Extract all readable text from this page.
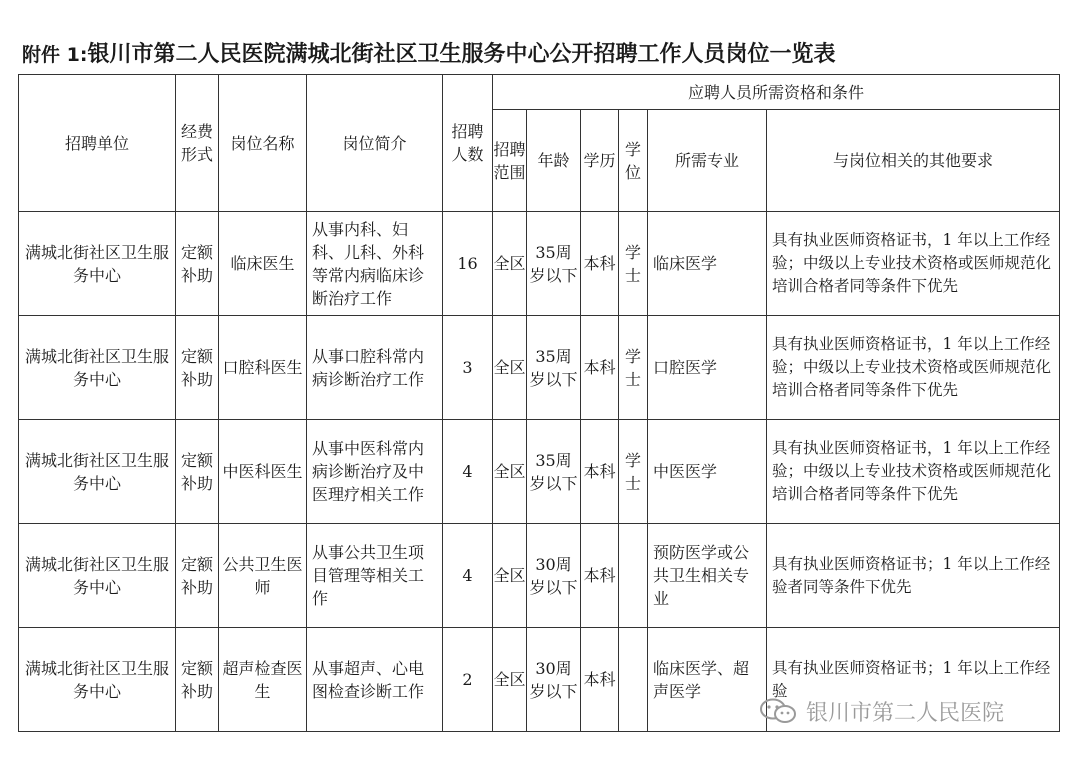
附件 1:银川市第二人民医院满城北街社区卫生服务中心公开招聘工作人员岗位一览表
招聘单位	经费形式	岗位名称	岗位简介	招聘人数	应聘人员所需资格和条件					
					招聘范围	年龄	学历	学位	所需专业	与岗位相关的其他要求
满城北街社区卫生服务中心	定额补助	临床医生	从事内科、妇科、儿科、外科等常内病临床诊断治疗工作	16	全区	35周岁以下	本科	学士	临床医学	具有执业医师资格证书，1 年以上工作经验；中级以上专业技术资格或医师规范化培训合格者同等条件下优先
满城北街社区卫生服务中心	定额补助	口腔科医生	从事口腔科常内病诊断治疗工作	3	全区	35周岁以下	本科	学士	口腔医学	具有执业医师资格证书，1 年以上工作经验；中级以上专业技术资格或医师规范化培训合格者同等条件下优先
满城北街社区卫生服务中心	定额补助	中医科医生	从事中医科常内病诊断治疗及中医理疗相关工作	4	全区	35周岁以下	本科	学士	中医医学	具有执业医师资格证书，1 年以上工作经验；中级以上专业技术资格或医师规范化培训合格者同等条件下优先
满城北街社区卫生服务中心	定额补助	公共卫生医师	从事公共卫生项目管理等相关工作	4	全区	30周岁以下	本科		预防医学或公共卫生相关专业	具有执业医师资格证书；1 年以上工作经验者同等条件下优先
满城北街社区卫生服务中心	定额补助	超声检查医生	从事超声、心电图检查诊断工作	2	全区	30周岁以下	本科		临床医学、超声医学	具有执业医师资格证书；1 年以上工作经验
银川市第二人民医院
